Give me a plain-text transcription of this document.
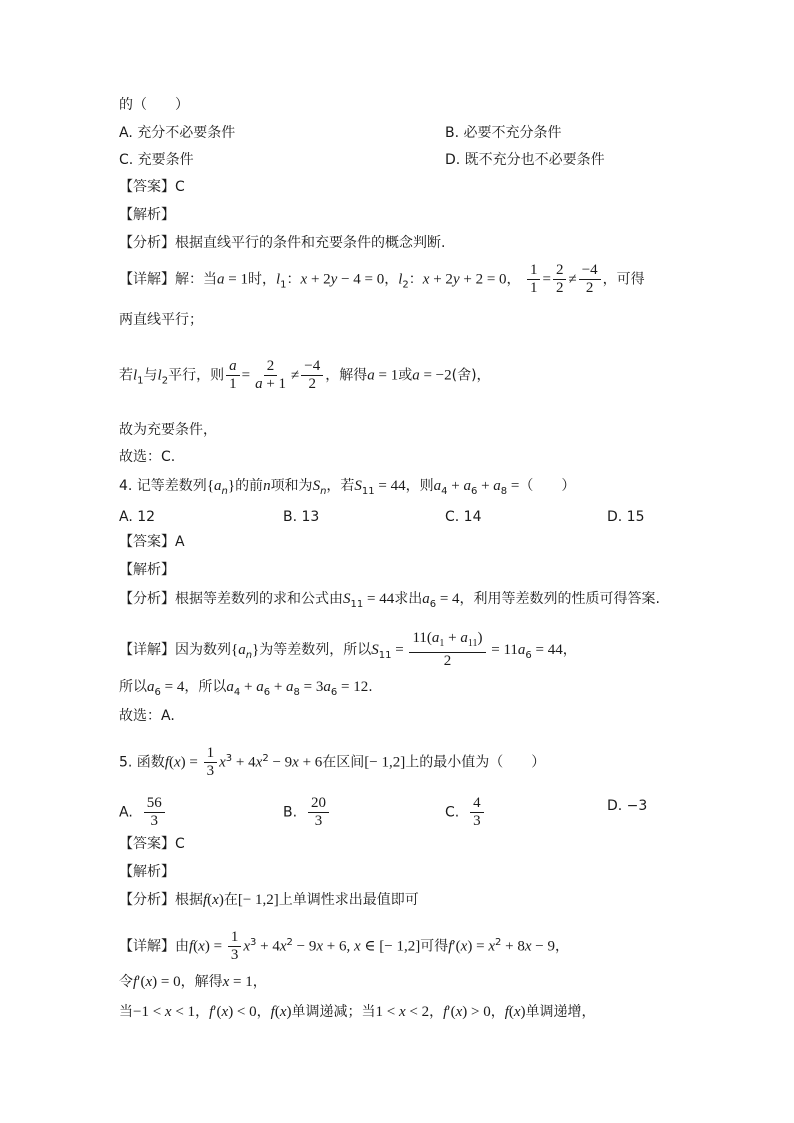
的（　　）
A. 充分不必要条件	B. 必要不充分条件
C. 充要条件	D. 既不充分也不必要条件
【答案】C
【解析】
【分析】根据直线平行的条件和充要条件的概念判断.
【详解】解：当a = 1时，$l_1$：x + 2y − 4 = 0，$l_2$：x + 2y + 2 = 0， $\frac{1}{1} = \frac{2}{2} \ne \frac{-4}{2}$ ，可得
两直线平行；
若$l_1$与$l_2$平行，则 $\frac{a}{1} = \frac{2}{a + 1} \ne \frac{-4}{2}$ ，解得a = 1或a = −2(舍)，
故为充要条件，
故选：C.
4. 记等差数列$\{a_n\}$的前n项和为$S_n$，若$S_{11} = 44$，则$a_4 + a_6 + a_8$ =（　　）
A. 12	B. 13	C. 14	D. 15
【答案】A
【解析】
【分析】根据等差数列的求和公式由$S_{11} = 44$求出$a_6 = 4$，利用等差数列的性质可得答案.
【详解】因为数列$\{a_n\}$为等差数列，所以$S_{11} = \frac{11(a_1 + a_{11})}{2} = 11a_6 = 44$，
所以$a_6 = 4$，所以$a_4 + a_6 + a_8 = 3a_6 = 12$.
故选：A.
5. 函数$f(x) = \frac{1}{3} x^3 + 4x^2 - 9x + 6$在区间[− 1,2]上的最小值为（　　）
A. $\frac{56}{3}$	B. $\frac{20}{3}$	C. $\frac{4}{3}$	D. −3
【答案】C
【解析】
【分析】根据f(x)在[− 1,2]上单调性求出最值即可
【详解】由$f(x) = \frac{1}{3} x^3 + 4x^2 - 9x + 6$, x ∈ [− 1,2]可得$f'(x) = x^2 + 8x - 9$，
令f′(x) = 0，解得x = 1，
当−1 < x < 1，f′(x) < 0，f(x)单调递减；当1 < x < 2，f′(x) > 0，f(x)单调递增，
